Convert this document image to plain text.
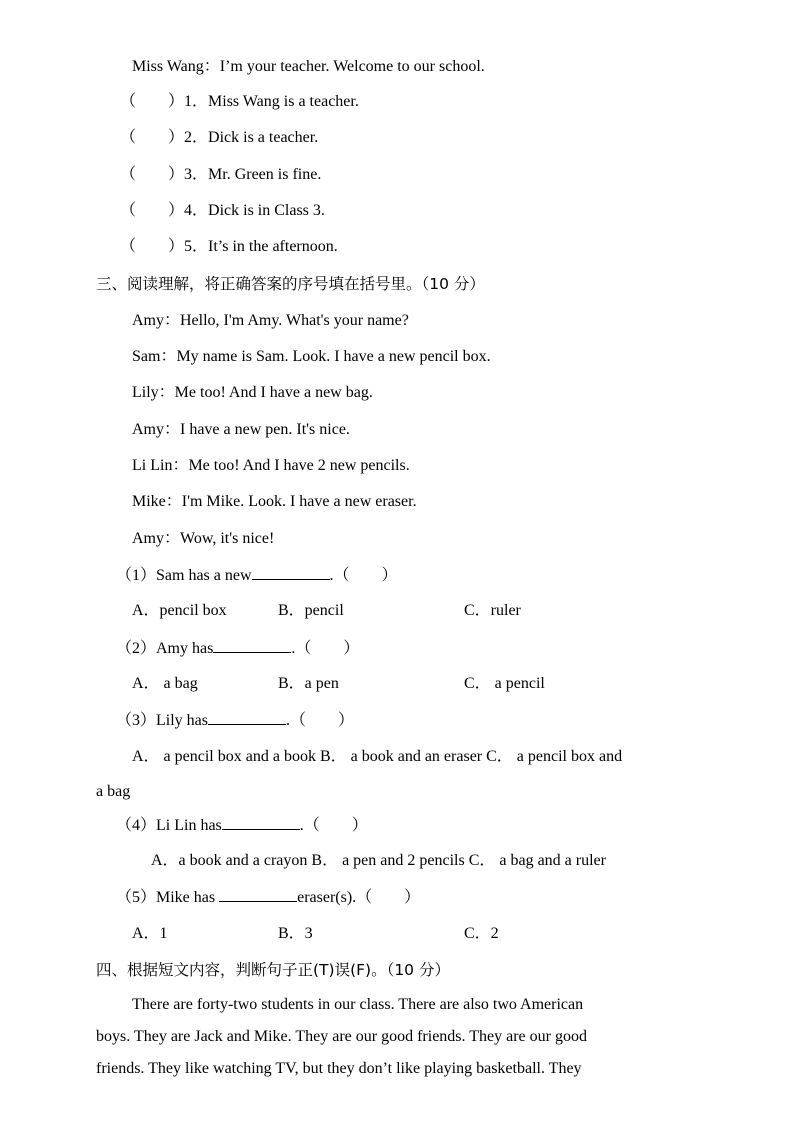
Miss Wang：I’m your teacher. Welcome to our school.
（　　）1．Miss Wang is a teacher.
（　　）2．Dick is a teacher.
（　　）3．Mr. Green is fine.
（　　）4．Dick is in Class 3.
（　　）5．It’s in the afternoon.
三、阅读理解，将正确答案的序号填在括号里。（10 分）
Amy：Hello, I'm Amy. What's your name?
Sam：My name is Sam. Look. I have a new pencil box.
Lily：Me too! And I have a new bag.
Amy：I have a new pen. It's nice.
Li Lin：Me too! And I have 2 new pencils.
Mike：I'm Mike. Look. I have a new eraser.
Amy：Wow, it's nice!
（1）Sam has a new	.（　　）
A．pencil box	B．pencil	C．ruler
（2）Amy has	.（　　）
A． a bag	B．a pen	C． a pencil
（3）Lily has	.（　　）
A． a pencil box and a book B． a book and an eraser C． a pencil box and
a bag
（4）Li Lin has	.（　　）
A．a book and a crayon B． a pen and 2 pencils C． a bag and a ruler
（5）Mike has	eraser(s).（　　）
A．1	B．3	C．2
四、根据短文内容，判断句子正(T)误(F)。（10 分）
There are forty-two students in our class. There are also two American
boys. They are Jack and Mike. They are our good friends. They are our good
friends. They like watching TV, but they don’t like playing basketball. They
